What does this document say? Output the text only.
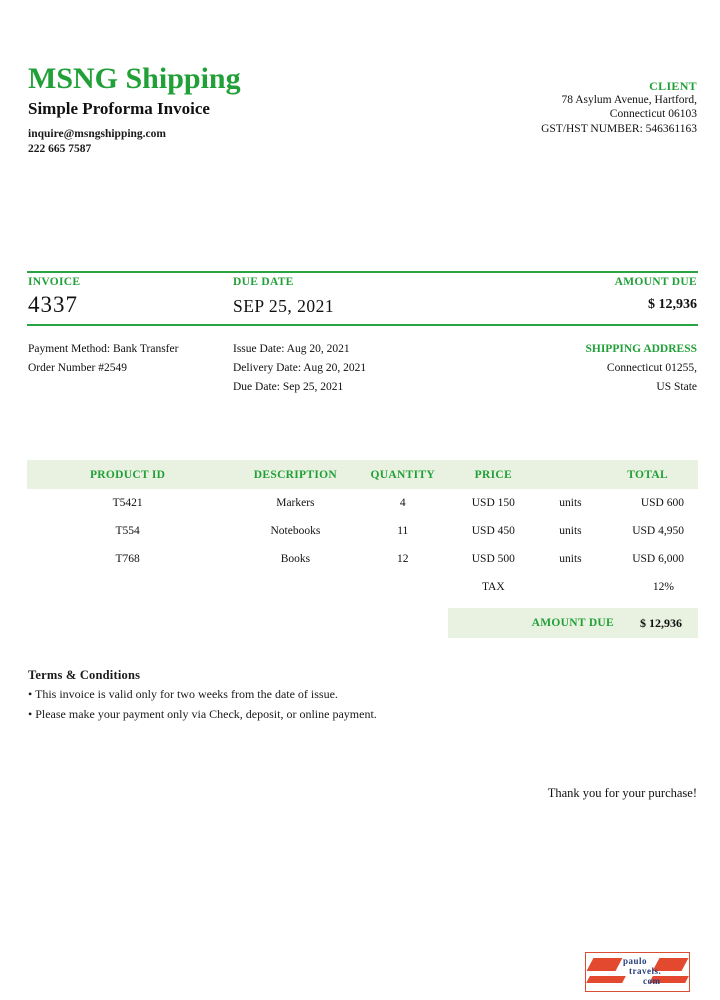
MSNG Shipping
Simple Proforma Invoice
inquire@msngshipping.com
222 665 7587
CLIENT
78 Asylum Avenue, Hartford,
Connecticut 06103
GST/HST NUMBER: 546361163
INVOICE	DUE DATE	AMOUNT DUE
4337	SEP 25, 2021	$ 12,936
Payment Method: Bank Transfer
Order Number #2549
Issue Date: Aug 20, 2021
Delivery Date: Aug 20, 2021
Due Date: Sep 25, 2021
SHIPPING ADDRESS
Connecticut 01255,
US State
PRODUCT ID	DESCRIPTION	QUANTITY	PRICE	TOTAL
T5421	Markers	4	USD 150	units	USD 600
T554	Notebooks	11	USD 450	units	USD 4,950
T768	Books	12	USD 500	units	USD 6,000
TAX	12%
AMOUNT DUE	$ 12,936
Terms & Conditions
• This invoice is valid only for two weeks from the date of issue.
• Please make your payment only via Check, deposit, or online payment.
Thank you for your purchase!
paulo
travels.
com
